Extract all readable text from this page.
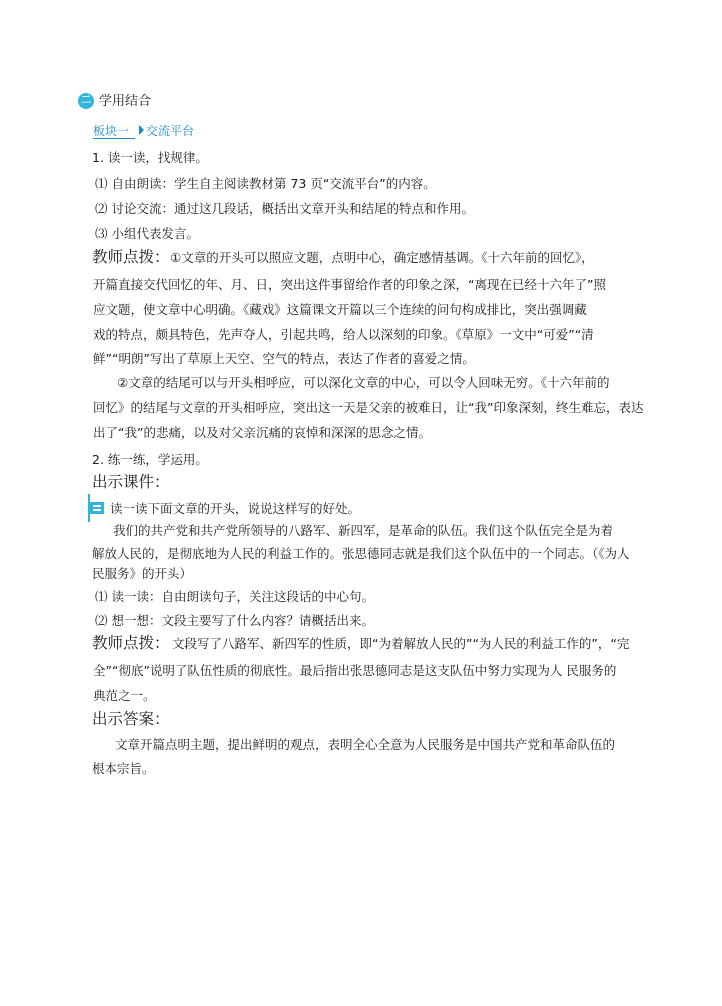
二 学用结合
板块一	交流平台
1. 读一读，找规律。
⑴ 自由朗读：学生自主阅读教材第 73 页“交流平台”的内容。
⑵ 讨论交流：通过这几段话，概括出文章开头和结尾的特点和作用。
⑶ 小组代表发言。
教师点拨： ①文章的开头可以照应文题，点明中心，确定感情基调。《十六年前的回忆》，
开篇直接交代回忆的年、月、日，突出这件事留给作者的印象之深，“离现在已经十六年了”照
应文题，使文章中心明确。《藏戏》这篇课文开篇以三个连续的问句构成排比，突出强调藏
戏的特点，颇具特色，先声夺人，引起共鸣，给人以深刻的印象。《草原》一文中“可爱”“清
鲜”“明朗”写出了草原上天空、空气的特点，表达了作者的喜爱之情。
②文章的结尾可以与开头相呼应，可以深化文章的中心，可以令人回味无穷。《十六年前的
回忆》的结尾与文章的开头相呼应，突出这一天是父亲的被难日，让“我”印象深刻，终生难忘，表达
出了“我”的悲痛，以及对父亲沉痛的哀悼和深深的思念之情。
2. 练一练，学运用。
出示课件：
读一读下面文章的开头，说说这样写的好处。
我们的共产党和共产党所领导的八路军、新四军，是革命的队伍。我们这个队伍完全是为着
解放人民的，是彻底地为人民的利益工作的。张思德同志就是我们这个队伍中的一个同志。（《为人
民服务》的开头）
⑴ 读一读：自由朗读句子，关注这段话的中心句。
⑵ 想一想：文段主要写了什么内容？请概括出来。
教师点拨： 文段写了八路军、新四军的性质，即“为着解放人民的”“为人民的利益工作的”，“完
全”“彻底”说明了队伍性质的彻底性。最后指出张思德同志是这支队伍中努力实现为人 民服务的
典范之一。
出示答案：
文章开篇点明主题，提出鲜明的观点，表明全心全意为人民服务是中国共产党和革命队伍的
根本宗旨。
